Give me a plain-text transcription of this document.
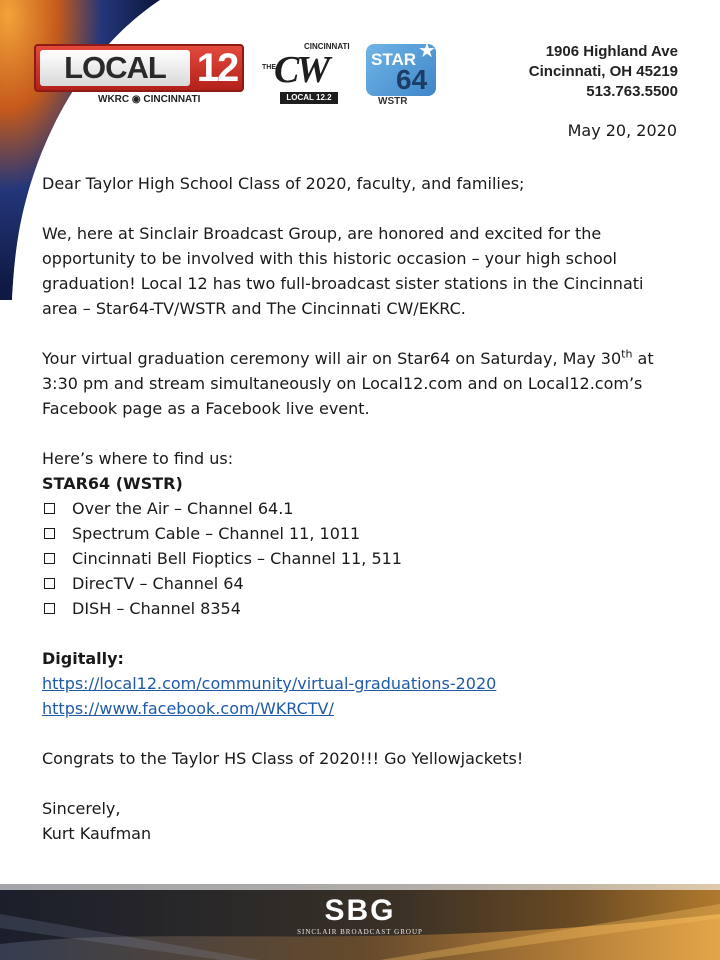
LOCAL 12
WKRC ◉ CINCINNATI
CINCINNATI
THE
CW
LOCAL 12.2
STAR
64
★
WSTR
1906 Highland Ave
Cincinnati, OH 45219
513.763.5500
May 20, 2020

Dear Taylor High School Class of 2020, faculty, and families;

We, here at Sinclair Broadcast Group, are honored and excited for the opportunity to be involved with this historic occasion – your high school graduation! Local 12 has two full-broadcast sister stations in the Cincinnati area – Star64-TV/WSTR and The Cincinnati CW/EKRC.

Your virtual graduation ceremony will air on Star64 on Saturday, May 30th at 3:30 pm and stream simultaneously on Local12.com and on Local12.com’s Facebook page as a Facebook live event.

Here’s where to find us:
STAR64 (WSTR)
Over the Air – Channel 64.1
Spectrum Cable – Channel 11, 1011
Cincinnati Bell Fioptics – Channel 11, 511
DirecTV – Channel 64
DISH – Channel 8354
Digitally:
https://local12.com/community/virtual-graduations-2020
https://www.facebook.com/WKRCTV/

Congrats to the Taylor HS Class of 2020!!! Go Yellowjackets!

Sincerely,
Kurt Kaufman
SBG
SINCLAIR BROADCAST GROUP
